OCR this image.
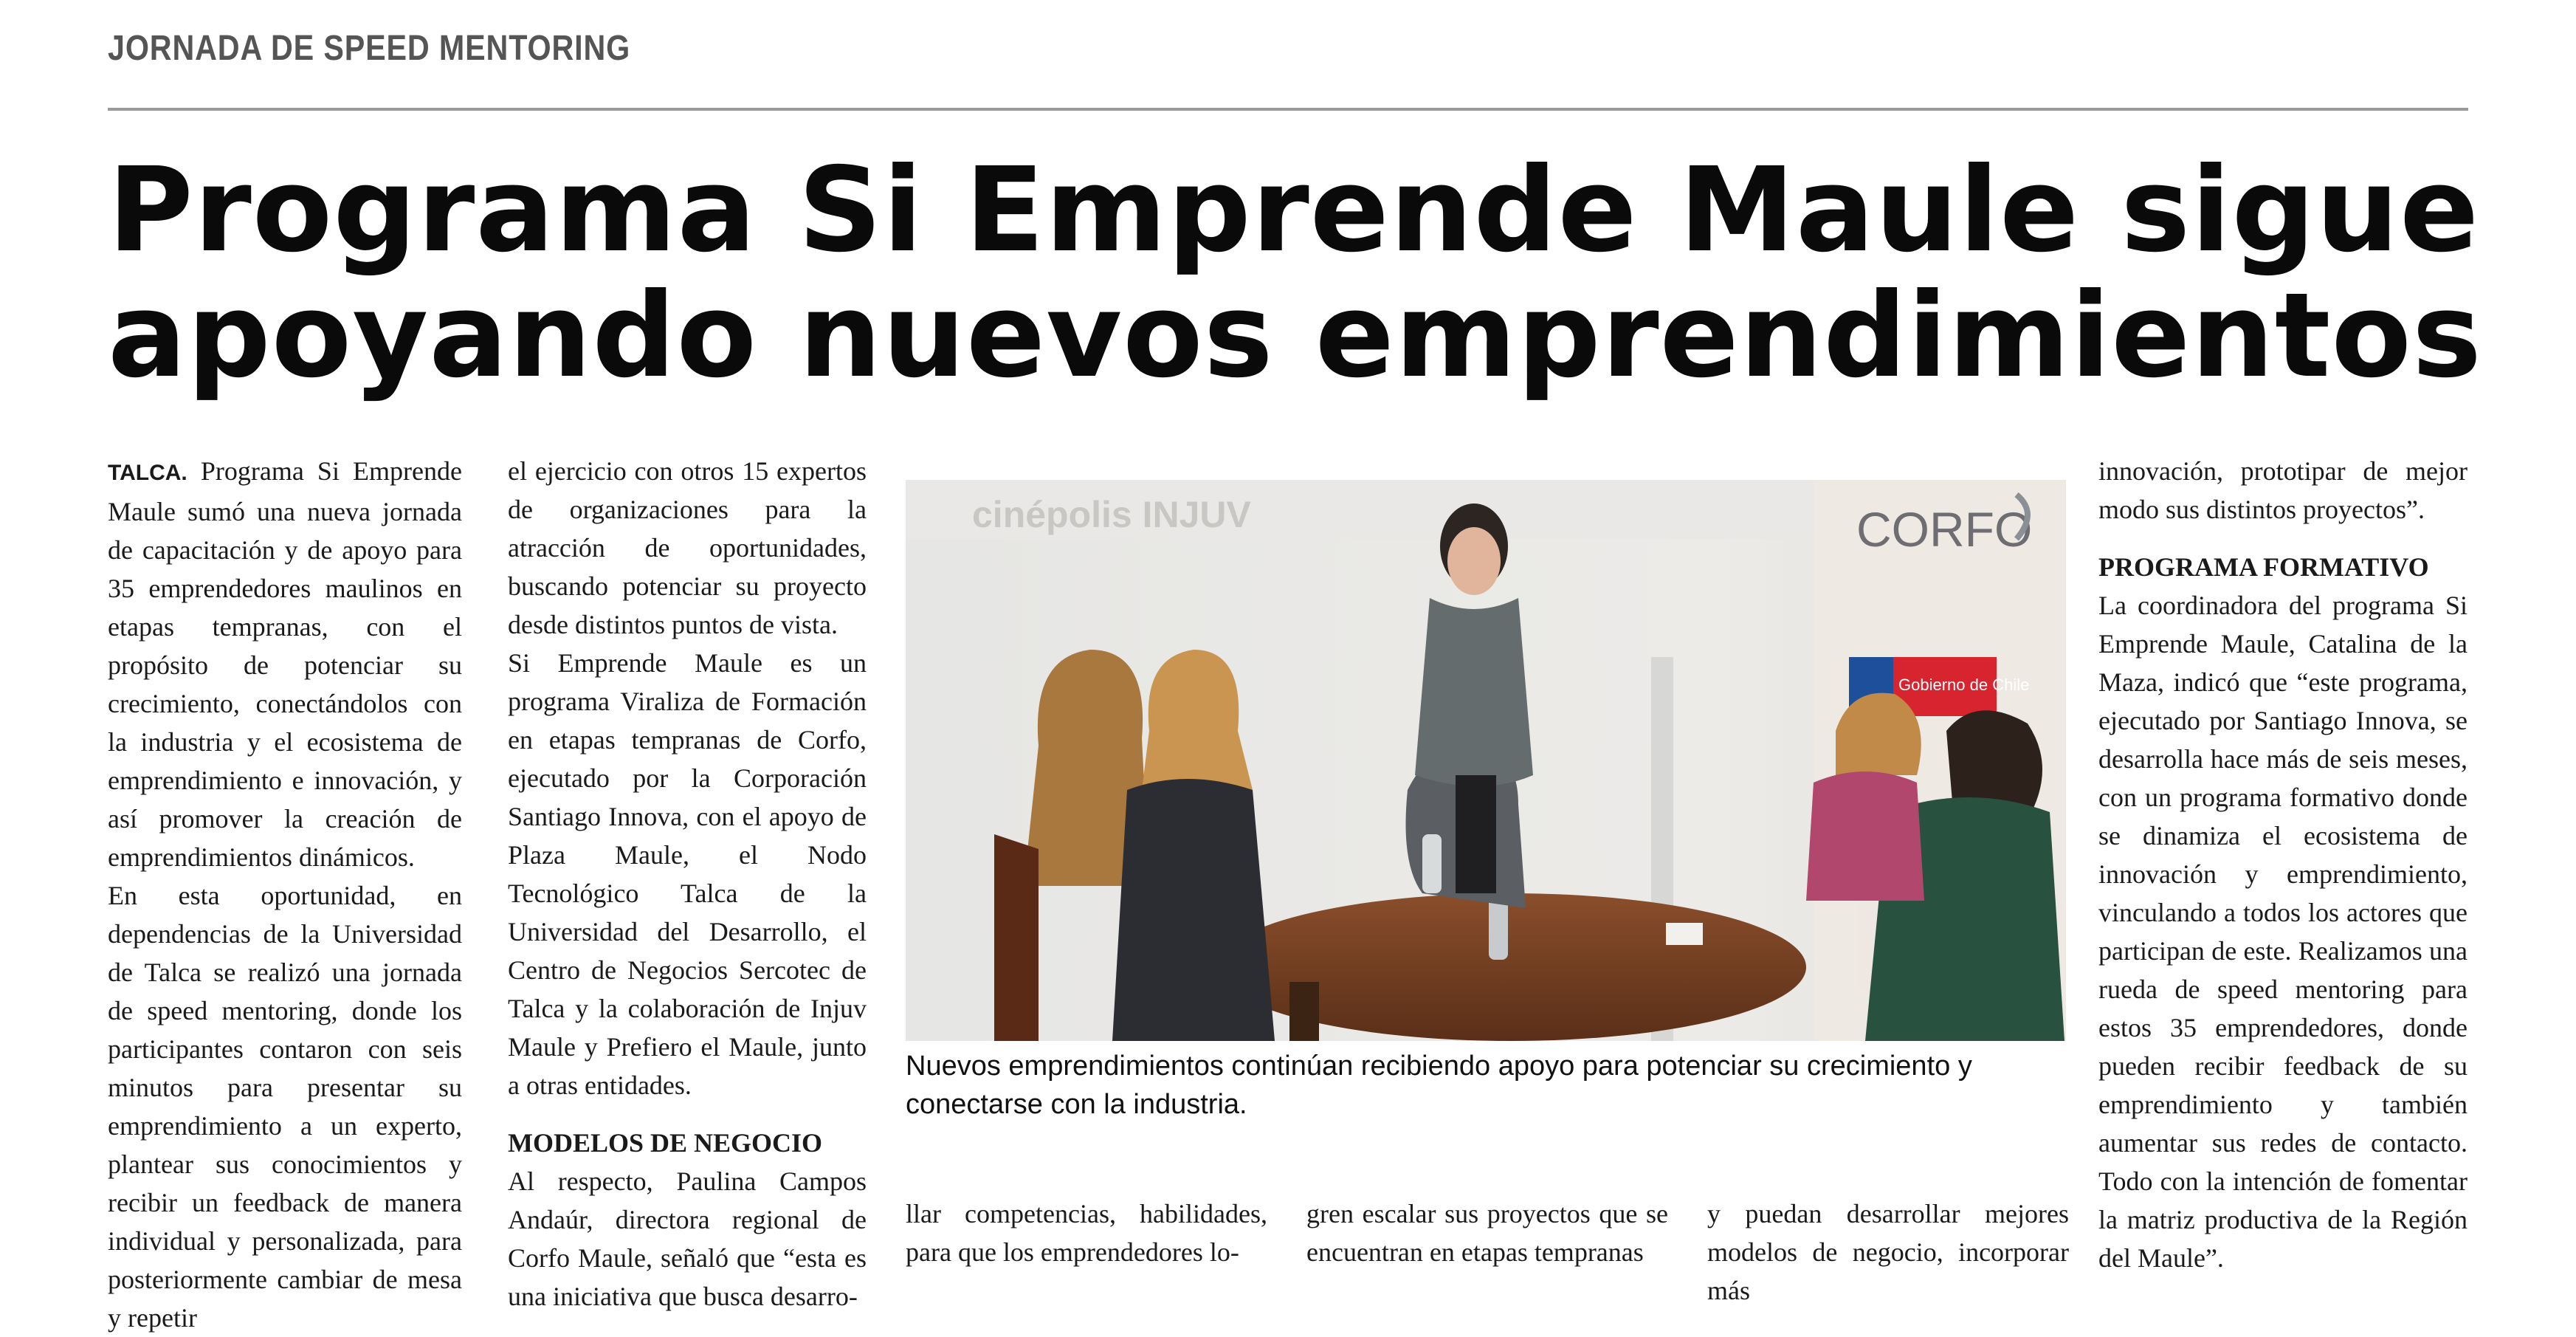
JORNADA DE SPEED MENTORING
Programa Si Emprende Maule sigue
apoyando nuevos emprendimientos

TALCA. Programa Si Emprende Maule sumó una nueva jornada de capacitación y de apoyo para 35 emprendedores maulinos en etapas tempranas, con el propósito de potenciar su crecimiento, conectándolos con la industria y el ecosistema de emprendimiento e innovación, y así promover la creación de emprendimientos dinámicos.

En esta oportunidad, en dependencias de la Universidad de Talca se realizó una jornada de speed mentoring, donde los participantes contaron con seis minutos para presentar su emprendimiento a un experto, plantear sus conocimientos y recibir un feedback de manera individual y personalizada, para posteriormente cambiar de mesa y repetir

el ejercicio con otros 15 expertos de organizaciones para la atracción de oportunidades, buscando potenciar su proyecto desde distintos puntos de vista.

Si Emprende Maule es un programa Viraliza de Formación en etapas tempranas de Corfo, ejecutado por la Corporación Santiago Innova, con el apoyo de Plaza Maule, el Nodo Tecnológico Talca de la Universidad del Desarrollo, el Centro de Negocios Sercotec de Talca y la colaboración de Injuv Maule y Prefiero el Maule, junto a otras entidades.

MODELOS DE NEGOCIO

Al respecto, Paulina Campos Andaúr, directora regional de Corfo Maule, señaló que “esta es una iniciativa que busca desarro-

cinépolis INJUV	CORFO
Gobierno de Chile
Nuevos emprendimientos continúan recibiendo apoyo para potenciar su crecimiento y conectarse con la industria.
llar competencias, habilidades, para que los emprendedores lo-
gren escalar sus proyectos que se encuentran en etapas tempranas
y puedan desarrollar mejores modelos de negocio, incorporar más

innovación, prototipar de mejor modo sus distintos proyectos”.

PROGRAMA FORMATIVO

La coordinadora del programa Si Emprende Maule, Catalina de la Maza, indicó que “este programa, ejecutado por Santiago Innova, se desarrolla hace más de seis meses, con un programa formativo donde se dinamiza el ecosistema de innovación y emprendimiento, vinculando a todos los actores que participan de este. Realizamos una rueda de speed mentoring para estos 35 emprendedores, donde pueden recibir feedback de su emprendimiento y también aumentar sus redes de contacto. Todo con la intención de fomentar la matriz productiva de la Región del Maule”.
